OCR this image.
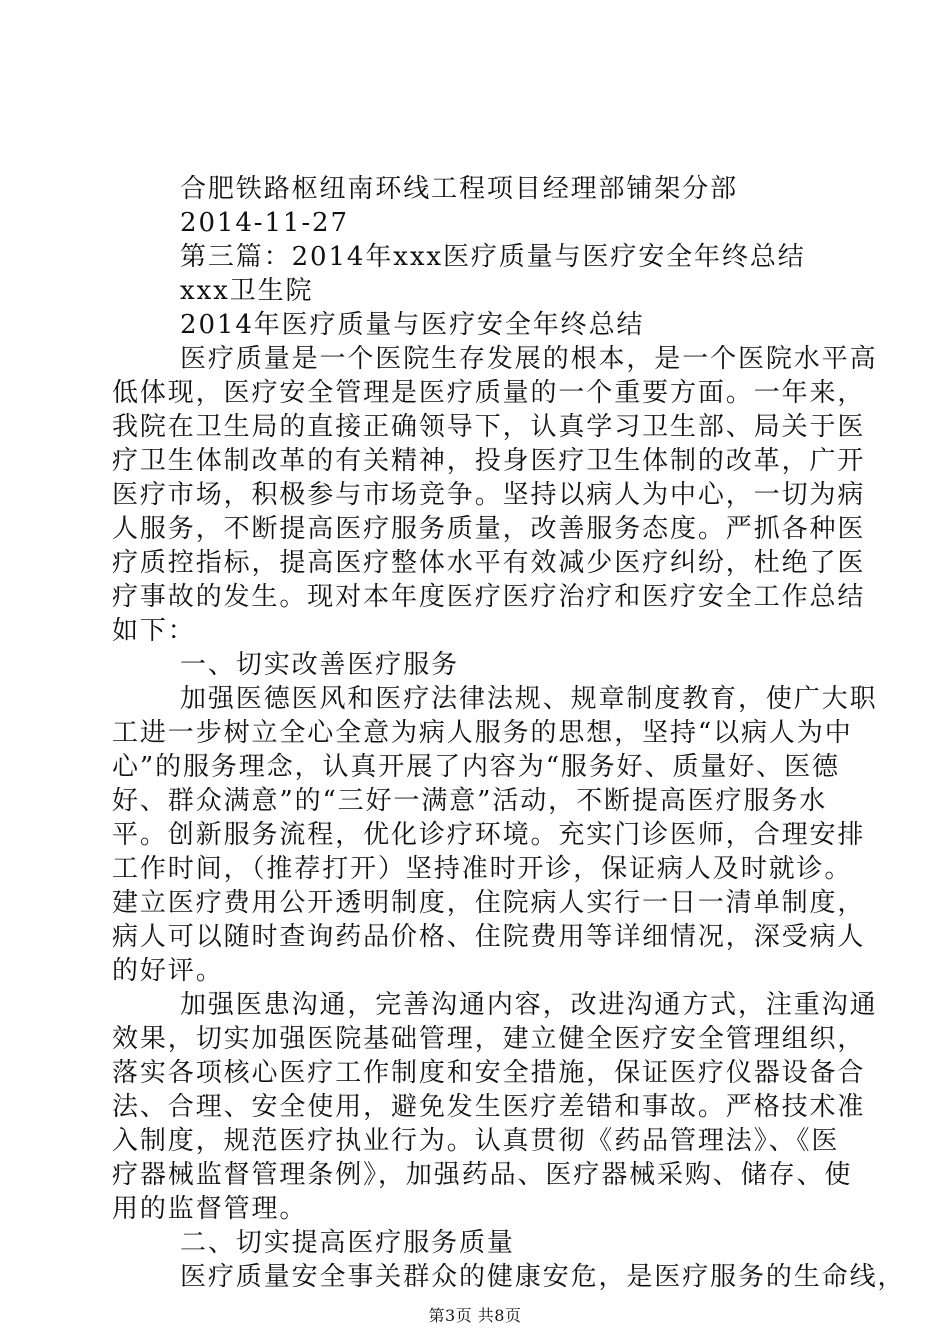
合肥铁路枢纽南环线工程项目经理部铺架分部
2014-11-27
第三篇：2014年xxx医疗质量与医疗安全年终总结
xxx卫生院
2014年医疗质量与医疗安全年终总结
医疗质量是一个医院生存发展的根本，是一个医院水平高
低体现，医疗安全管理是医疗质量的一个重要方面。一年来，
我院在卫生局的直接正确领导下，认真学习卫生部、局关于医
疗卫生体制改革的有关精神，投身医疗卫生体制的改革，广开
医疗市场，积极参与市场竞争。坚持以病人为中心，一切为病
人服务，不断提高医疗服务质量，改善服务态度。严抓各种医
疗质控指标，提高医疗整体水平有效减少医疗纠纷，杜绝了医
疗事故的发生。现对本年度医疗医疗治疗和医疗安全工作总结
如下：
一、切实改善医疗服务
加强医德医风和医疗法律法规、规章制度教育，使广大职
工进一步树立全心全意为病人服务的思想，坚持“以病人为中
心”的服务理念，认真开展了内容为“服务好、质量好、医德
好、群众满意”的“三好一满意”活动，不断提高医疗服务水
平。创新服务流程，优化诊疗环境。充实门诊医师，合理安排
工作时间，（推荐打开）坚持准时开诊，保证病人及时就诊。
建立医疗费用公开透明制度，住院病人实行一日一清单制度，
病人可以随时查询药品价格、住院费用等详细情况，深受病人
的好评。
加强医患沟通，完善沟通内容，改进沟通方式，注重沟通
效果，切实加强医院基础管理，建立健全医疗安全管理组织，
落实各项核心医疗工作制度和安全措施，保证医疗仪器设备合
法、合理、安全使用，避免发生医疗差错和事故。严格技术准
入制度，规范医疗执业行为。认真贯彻《药品管理法》、《医
疗器械监督管理条例》，加强药品、医疗器械采购、储存、使
用的监督管理。
二、切实提高医疗服务质量
医疗质量安全事关群众的健康安危，是医疗服务的生命线，
第3页 共8页
